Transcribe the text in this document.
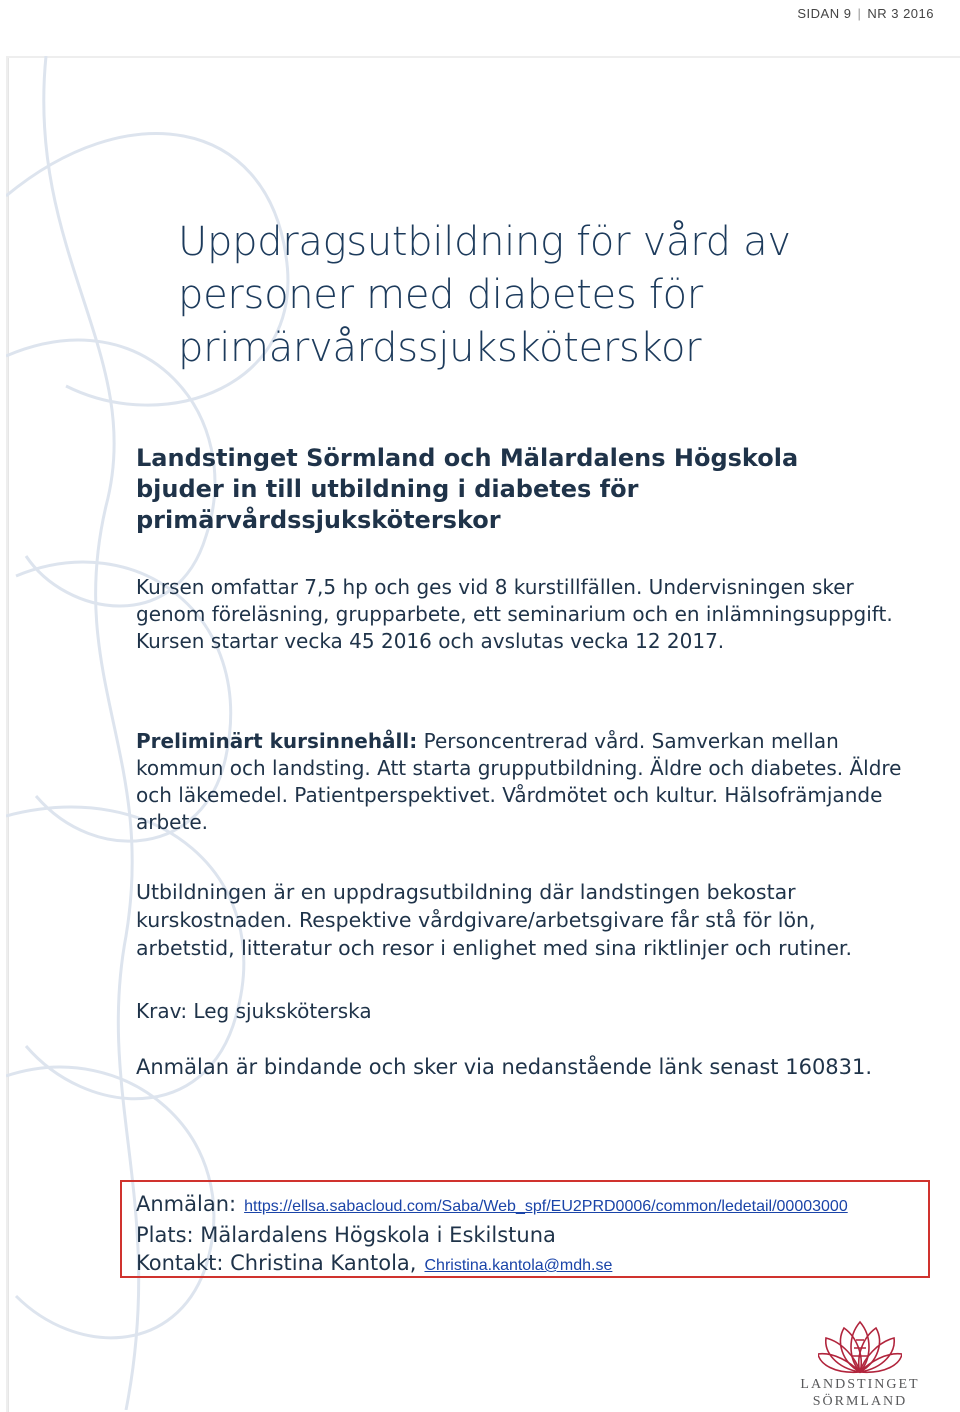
SIDAN 9 | NR 3 2016
Uppdragsutbildning för vård av
personer med diabetes för
primärvårdssjuksköterskor
Landstinget Sörmland och Mälardalens Högskola
bjuder in till utbildning i diabetes för
primärvårdssjuksköterskor
Kursen omfattar 7,5 hp och ges vid 8 kurstillfällen. Undervisningen sker genom föreläsning, grupparbete, ett seminarium och en inlämningsuppgift. Kursen startar vecka 45 2016 och avslutas vecka 12 2017.
Preliminärt kursinnehåll: Personcentrerad vård. Samverkan mellan kommun och landsting. Att starta grupputbildning. Äldre och diabetes. Äldre och läkemedel. Patientperspektivet. Vårdmötet och kultur. Hälsofrämjande arbete.
Utbildningen är en uppdragsutbildning där landstingen bekostar kurskostnaden. Respektive vårdgivare/arbetsgivare får stå för lön, arbetstid, litteratur och resor i enlighet med sina riktlinjer och rutiner.
Krav: Leg sjuksköterska
Anmälan är bindande och sker via nedanstående länk senast 160831.
Anmälan: https://ellsa.sabacloud.com/Saba/Web_spf/EU2PRD0006/common/ledetail/00003000
Plats: Mälardalens Högskola i Eskilstuna
Kontakt: Christina Kantola, Christina.kantola@mdh.se
LANDSTINGET
SÖRMLAND
